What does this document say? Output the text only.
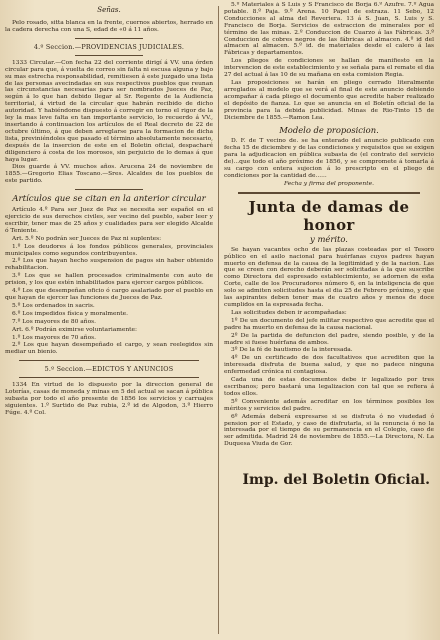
Señas.

Pelo rosado, sitta blanca en la frente, cuernos abiertos, herrado en la cadera derecha con una S, edad de «0 á 11 años.

4.º Seccion.—PROVIDENCIAS JUDICIALES.

1333 Circular.—Con fecha 22 del corriente dirigí á VV. una órden circular para que, á vuelta de correo sin falta ni escusa alguna y bajo su mas estrecha responsabilidad, remitiesen á este juzgado una lista de las personas avecindadas en sus respectivos pueblos que reunan las circunstancias necesarias para ser nombrados Jueces de Paz, según á lo que han debido llegar al Sr. Regente de la Audiencia territorial, á virtud de la circular que habrán recibido de dicho autoridad. Y habiéndome dispuesto á corregir en torno el rigor de la ley la mas leve falta en tan importante servicio, lo recuerdo á VV., insertando á continuacion los artículos de el Real decreto de 22 de octubre último, á que deben arreglarse para la formacion de dicha lista, previniéndoles que pasado el término absolutamente necesario, después de la insercion de este en el Boletin oficial, despacharé diligenciero á costa de los morosos, sin perjuicio de lo demas á que haya lugar.

Dios guarde á VV. muchos años. Arucena 24 de noviembre de 1855.—Gregorio Elias Toscano.—Sres. Alcaldes de los pueblos de este partido.

Artículos que se citan en la anterior circular

Artículo 4.º Para ser Juez de Paz se necesita ser español en el ejercicio de sus derechos civiles, ser vecino del pueblo, saber leer y escribir, tener mas de 25 años y cualidades para ser elegido Alcalde ó Teniente.

Art. 5.º No podrán ser Jueces de Paz ni suplentes:

1.º Los deudores á los fondos públicos generales, provinciales municipales como segundos contribuyentes.

2.º Los que hayan hecho suspension de pagos sin haber obtenido rehabilitacion.

3.º Los que se hallen procesados criminalmente con auto de prision, y los que estén inhabilitados para ejercer cargos públicos.

4.º Los que desempeñan oficio ó cargo asalariado por el pueblo en que hayan de ejercer las funciones de Jueces de Paz.

5.º Los ordenados in sacris.

6.º Los impedidos física y moralmente.

7.º Los mayores de 80 años.

Art. 6.º Podrán eximirse voluntariamente:

1.º Los mayores de 70 años.

2.º Los que hayan desempeñado el cargo, y sean reelegidos sin mediar un bienio.

5.º Seccion.—EDICTOS Y ANUNCIOS

1334 En virtud de lo dispuesto por la direccion general de Loterías, casas de moneda y minas en 5 del actual se sacan á pública subasta por todo el año presente de 1856 los servicios y carruajes siguientes. 1.º Surtido de Paz rubia, 2.º id de Algodon, 3.º Hierro Fúge. 4.º Col.

5.º Materiales á S Luis y S Francisco de Borja 6.º Azufre. 7.º Agua potable. 8.º Paja. 9.º Arena. 10 Papel de estraza. 11 Sebo, 12 Conducciones al alma del Reveriera. 13 á S. Juan, S. Luis y S. Francisco de Borja. Servicios de estraccion de minerales por el término de las minas. 2.º Conduccion de Cuarzo á las Fábricas. 3.º Conduccion de cobres negros de las fábricas al almacen. 4.º id del almacen al almacen. 5.º id. de materiales desde el calero á las Fábricas y departamentos.

Los pliegos de condiciones se hallan de manifiesto en la intervencion de este establecimiento y se señala para el remate el dia 27 del actual á las 10 de su mañana en esta comision Regia.

Las proposiciones se harán en pliego cerrado literalmente arreglados al modelo que se verá al final de este anuncio debiendo acompañar á cada pliego el documento que acredite haber realizado el depósito de fianza. Lo que se anuncia en el Boletín oficial de la provincia para la debida publicidad. Minas de Rio-Tinto 15 de Diciembre de 1855.—Ramon Lea.

Modelo de proposicion.

D. F. de T vecino de. se ha enterado del anuncio publicado con fecha 15 de diciembre y de las condiciones y requisitos que se exigen para la adjudicacion en pública subasta de (el contrato del servicio de)...que todo el año próximo de 1856, y se compromete á tomarla á su cargo con entera sujecion á lo prescripto en el pliego de condiciones por la cantidad de......

Fecha y firma del proponente.

Junta de damas de honor
y mérito.

Se hayan vacantes ocho de las plazas costeadas por el Tesoro público en el asilo nacional para huérfanas cuyos padres hayan muerto en defensa de la causa de la legitimidad y de la nacion. Las que se creen con derecho deberán ser solicitadas á la que suscribe como Directora del espresado establecimiento, se adornen de esta Corte, calle de los Procuradores número 6, en la inteligencia de que solo se admiten solicitudes hasta el dia 25 de Febrero próximo, y que las aspirantes deben tener mas de cuatro años y menos de doce cumplidos en la espresada fecha.

Las solicitudes deben ir acompañadas:

1º De un documento del jefe militar respectivo que acredite que el padre ha muerto en defensa de la causa nacional.

2º De la partida de defuncion del padre, siendo posible, y de la madre si fuese huérfana de ambos.

3º De la fé de bautismo de la interesada.

4º De un certificado de dos facultativos que acrediten que la interesada disfruta de buena salud, y que no padece ninguna enfermedad crónica ni contagiosa.

Cada una de estas documentos debe ir legalizado por tres escribanos; pero bastará una legalizacion con tal que se refiera á todos ellos.

5º Conveniente además acreditar en los términos posibles los méritos y servicios del padre.

6º Además deberá expresarse si se disfruta ó no viudedad ó pension por el Estado, y caso de disfrutarla, si la renuncia ó no la interesada por el tiempo de su permanencia en el Colegio, caso de ser admitida. Madrid 24 de noviembre de 1855.—La Directora, N. La Duquesa Viuda de Gor.

Imp. del Boletin Oficial.
